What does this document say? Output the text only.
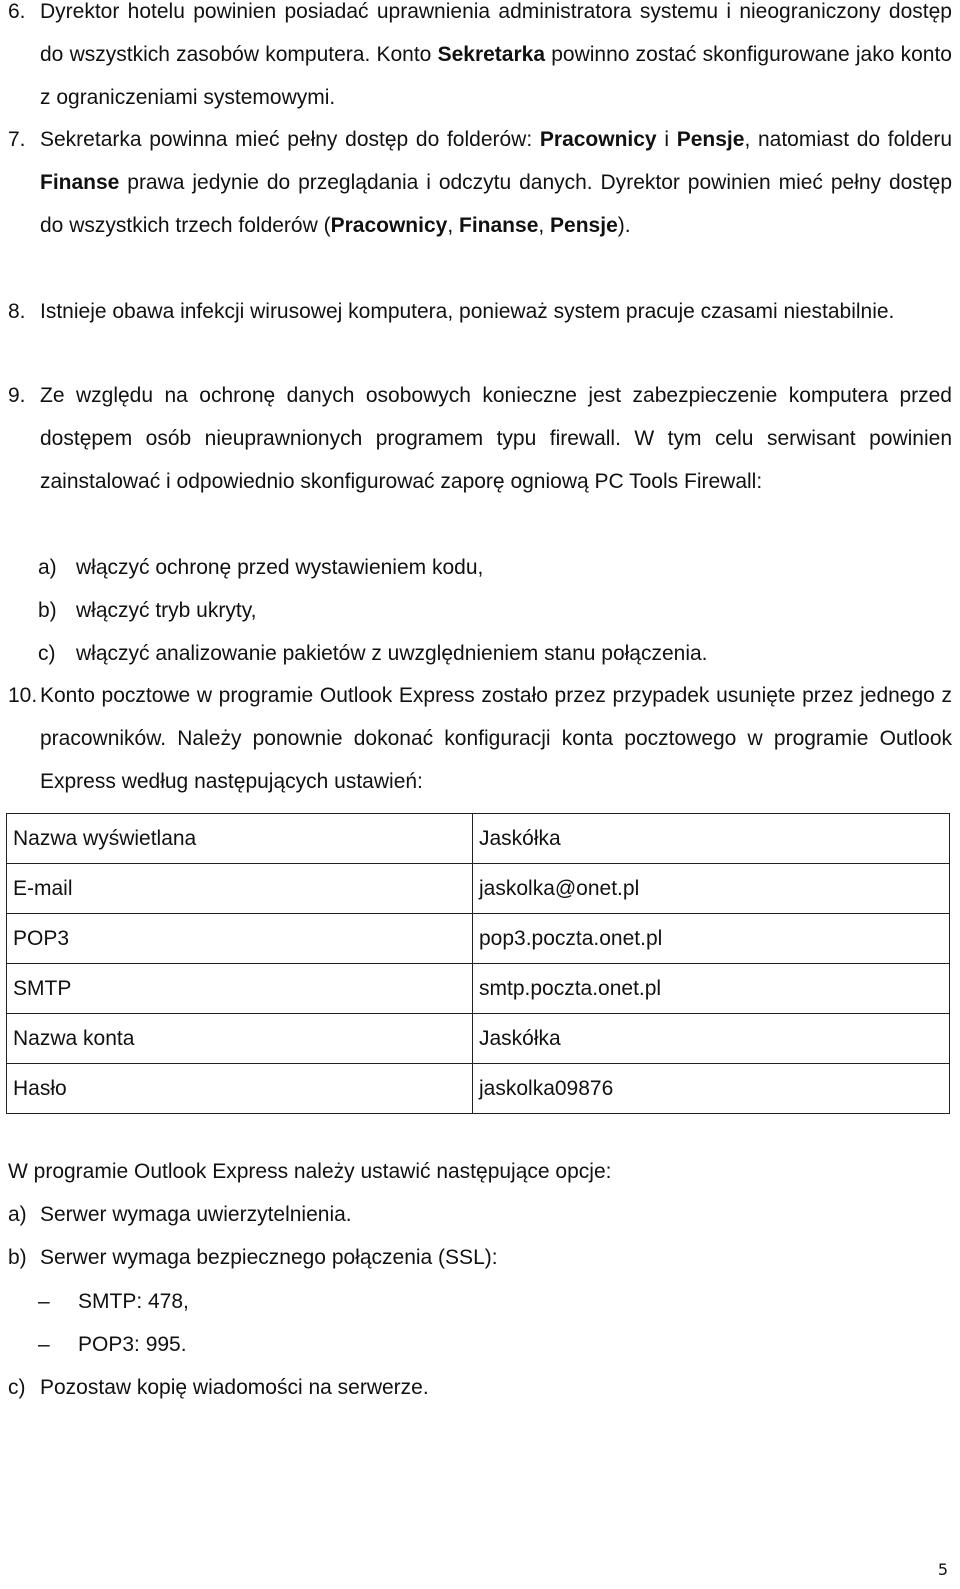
6. Dyrektor hotelu powinien posiadać uprawnienia administratora systemu i nieograniczony dostęp do wszystkich zasobów komputera. Konto Sekretarka powinno zostać skonfigurowane jako konto z ograniczeniami systemowymi.
7. Sekretarka powinna mieć pełny dostęp do folderów: Pracownicy i Pensje, natomiast do folderu Finanse prawa jedynie do przeglądania i odczytu danych. Dyrektor powinien mieć pełny dostęp do wszystkich trzech folderów (Pracownicy, Finanse, Pensje).
8. Istnieje obawa infekcji wirusowej komputera, ponieważ system pracuje czasami niestabilnie.
9. Ze względu na ochronę danych osobowych konieczne jest zabezpieczenie komputera przed dostępem osób nieuprawnionych programem typu firewall. W tym celu serwisant powinien zainstalować i odpowiednio skonfigurować zaporę ogniową PC Tools Firewall:
a) włączyć ochronę przed wystawieniem kodu,
b) włączyć tryb ukryty,
c) włączyć analizowanie pakietów z uwzględnieniem stanu połączenia.
10. Konto pocztowe w programie Outlook Express zostało przez przypadek usunięte przez jednego z pracowników. Należy ponownie dokonać konfiguracji konta pocztowego w programie Outlook Express według następujących ustawień:
Nazwa wyświetlana	Jaskółka
E-mail	jaskolka@onet.pl
POP3	pop3.poczta.onet.pl
SMTP	smtp.poczta.onet.pl
Nazwa konta	Jaskółka
Hasło	jaskolka09876
W programie Outlook Express należy ustawić następujące opcje:
a) Serwer wymaga uwierzytelnienia.
b) Serwer wymaga bezpiecznego połączenia (SSL):
– SMTP: 478,
– POP3: 995.
c) Pozostaw kopię wiadomości na serwerze.
5
